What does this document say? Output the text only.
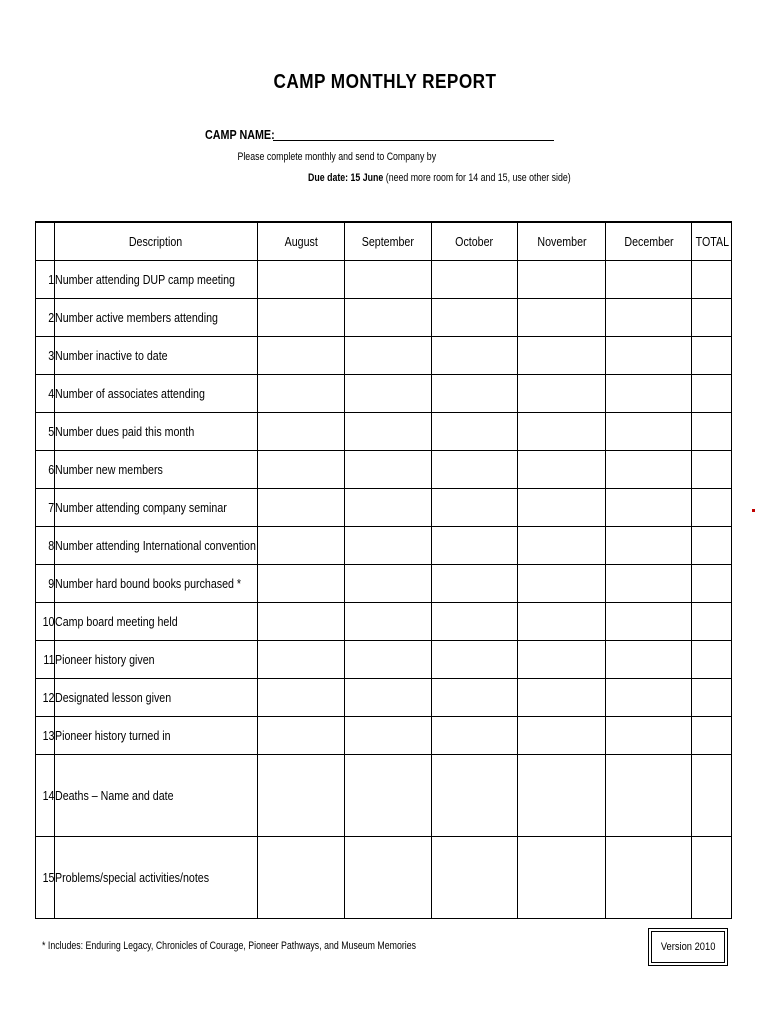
CAMP MONTHLY REPORT
CAMP NAME:
Please complete monthly and send to Company by
Due date: 15 June (need more room for 14 and 15, use other side)
	Description	August	September	October	November	December	TOTAL
1	Number attending DUP camp meeting						
2	Number active members attending						
3	Number inactive to date						
4	Number of associates attending						
5	Number dues paid this month						
6	Number new members						
7	Number attending company seminar						
8	Number attending International convention						
9	Number hard bound books purchased *						
10	Camp board meeting held						
11	Pioneer history given						
12	Designated lesson given						
13	Pioneer history turned in						
14	Deaths – Name and date						
15	Problems/special activities/notes						
* Includes: Enduring Legacy, Chronicles of Courage, Pioneer Pathways, and Museum Memories	Version 2010
